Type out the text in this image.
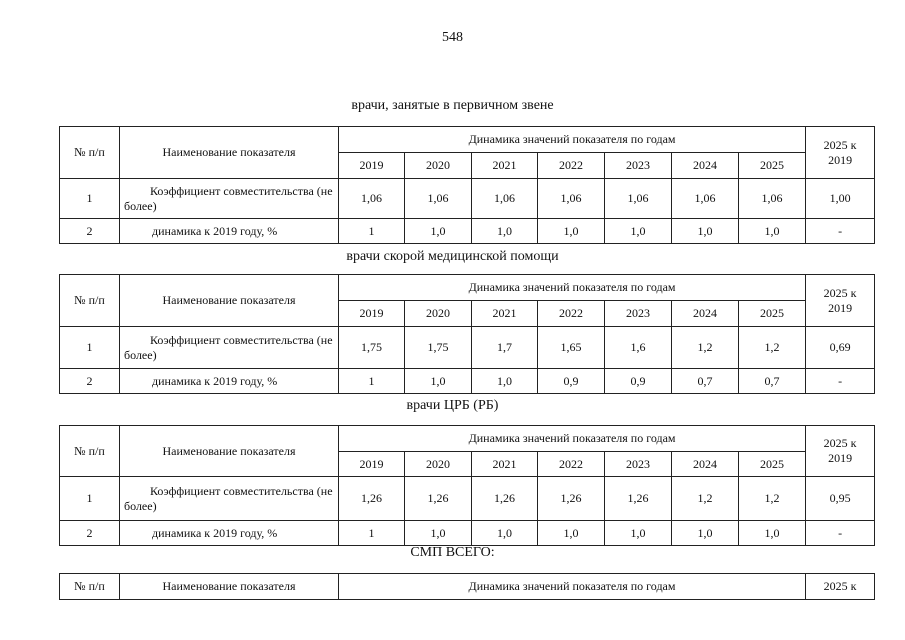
548
врачи, занятые в первичном звене
№ п/п	Наименование показателя	Динамика значений показателя по годам							2025 к
2019

		2019	2020	2021	2022	2023	2024	2025	
1	Коэффициент совместительства (не более)	1,06	1,06	1,06	1,06	1,06	1,06	1,06	1,00
2	динамика к 2019 году, %	1	1,0	1,0	1,0	1,0	1,0	1,0	-
врачи скорой медицинской помощи
№ п/п	Наименование показателя	Динамика значений показателя по годам							2025 к
2019

		2019	2020	2021	2022	2023	2024	2025	
1	Коэффициент совместительства (не более)	1,75	1,75	1,7	1,65	1,6	1,2	1,2	0,69
2	динамика к 2019 году, %	1	1,0	1,0	0,9	0,9	0,7	0,7	-
врачи ЦРБ (РБ)
№ п/п	Наименование показателя	Динамика значений показателя по годам							2025 к
2019

		2019	2020	2021	2022	2023	2024	2025	
1	Коэффициент совместительства (не более)	1,26	1,26	1,26	1,26	1,26	1,2	1,2	0,95
2	динамика к 2019 году, %	1	1,0	1,0	1,0	1,0	1,0	1,0	-
СМП ВСЕГО:
№ п/п	Наименование показателя	Динамика значений показателя по годам	2025 к
